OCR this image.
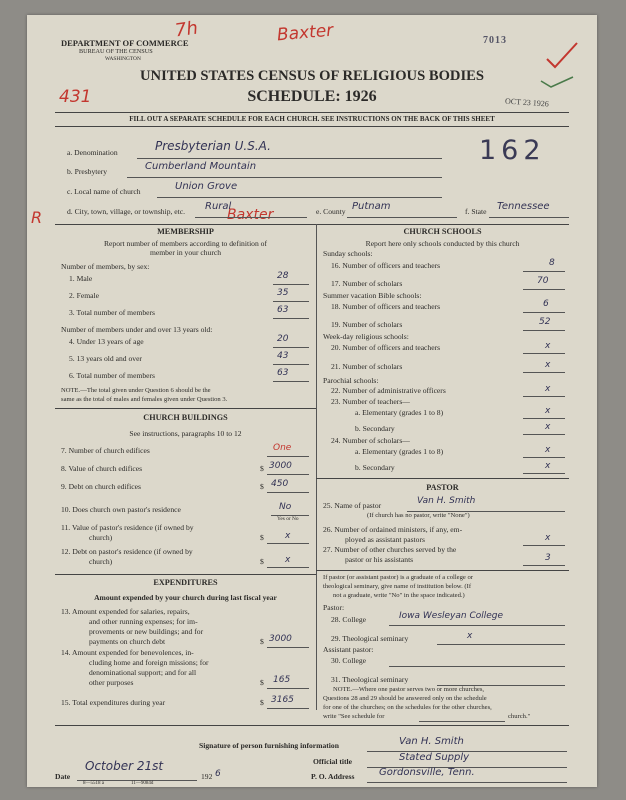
DEPARTMENT OF COMMERCE
BUREAU OF THE CENSUS
WASHINGTON
UNITED STATES CENSUS OF RELIGIOUS BODIES
SCHEDULE: 1926
7013
OCT 23 1926
FILL OUT A SEPARATE SCHEDULE FOR EACH CHURCH. SEE INSTRUCTIONS ON THE BACK OF THIS SHEET
7h	Baxter
431
162
Baxter
R
a. Denomination	Presbyterian U.S.A.
b. Presbytery	Cumberland Mountain
c. Local name of church	Union Grove
d. City, town, village, or township, etc. Rural	e. County Putnam	f. State Tennessee
MEMBERSHIP
Report number of members according to definition of
member in your church
Number of members, by sex:
1. Male	28
2. Female	35
3. Total number of members	63
Number of members under and over 13 years old:
4. Under 13 years of age	20
5. 13 years old and over	43
6. Total number of members	63
NOTE.—The total given under Question 6 should be the
same as the total of males and females given under Question 3.
CHURCH BUILDINGS
See instructions, paragraphs 10 to 12
7. Number of church edifices	One
8. Value of church edifices	$ 3000
9. Debt on church edifices	$ 450
10. Does church own pastor's residence	No
Yes or No
11. Value of pastor's residence (if owned by
church)	$ x
12. Debt on pastor's residence (if owned by
church)	$ x
EXPENDITURES
Amount expended by your church during last fiscal year
13. Amount expended for salaries, repairs,
and other running expenses; for im-
provements or new buildings; and for
payments on church debt	$ 3000
14. Amount expended for benevolences, in-
cluding home and foreign missions; for
denominational support; and for all
other purposes	$ 165
15. Total expenditures during year	$ 3165
CHURCH SCHOOLS
Report here only schools conducted by this church
Sunday schools:
16. Number of officers and teachers	8
17. Number of scholars	70
Summer vacation Bible schools:
18. Number of officers and teachers	6
19. Number of scholars	52
Week-day religious schools:
20. Number of officers and teachers	x
21. Number of scholars	x
Parochial schools:
22. Number of administrative officers	x
23. Number of teachers—
a. Elementary (grades 1 to 8)	x
b. Secondary	x
24. Number of scholars—
a. Elementary (grades 1 to 8)	x
b. Secondary	x
PASTOR
25. Name of pastor	Van H. Smith
(If church has no pastor, write "None")
26. Number of ordained ministers, if any, em-
ployed as assistant pastors	x
27. Number of other churches served by the
pastor or his assistants	3
If pastor (or assistant pastor) is a graduate of a college or
theological seminary, give name of institution below. (If
not a graduate, write "No" in the space indicated.)
Pastor:
28. College	Iowa Wesleyan College
29. Theological seminary	x
Assistant pastor:
30. College
31. Theological seminary
NOTE.—Where one pastor serves two or more churches,
Questions 28 and 29 should be answered only on the schedule
for one of the churches; on the schedules for the other churches,
write "See schedule for	church."
Signature of person furnishing information	Van H. Smith
Official title	Stated Supply
Date
October 21st
192 6	P. O. Address Gordonsville, Tenn.
8—5518 a	11—9084d
